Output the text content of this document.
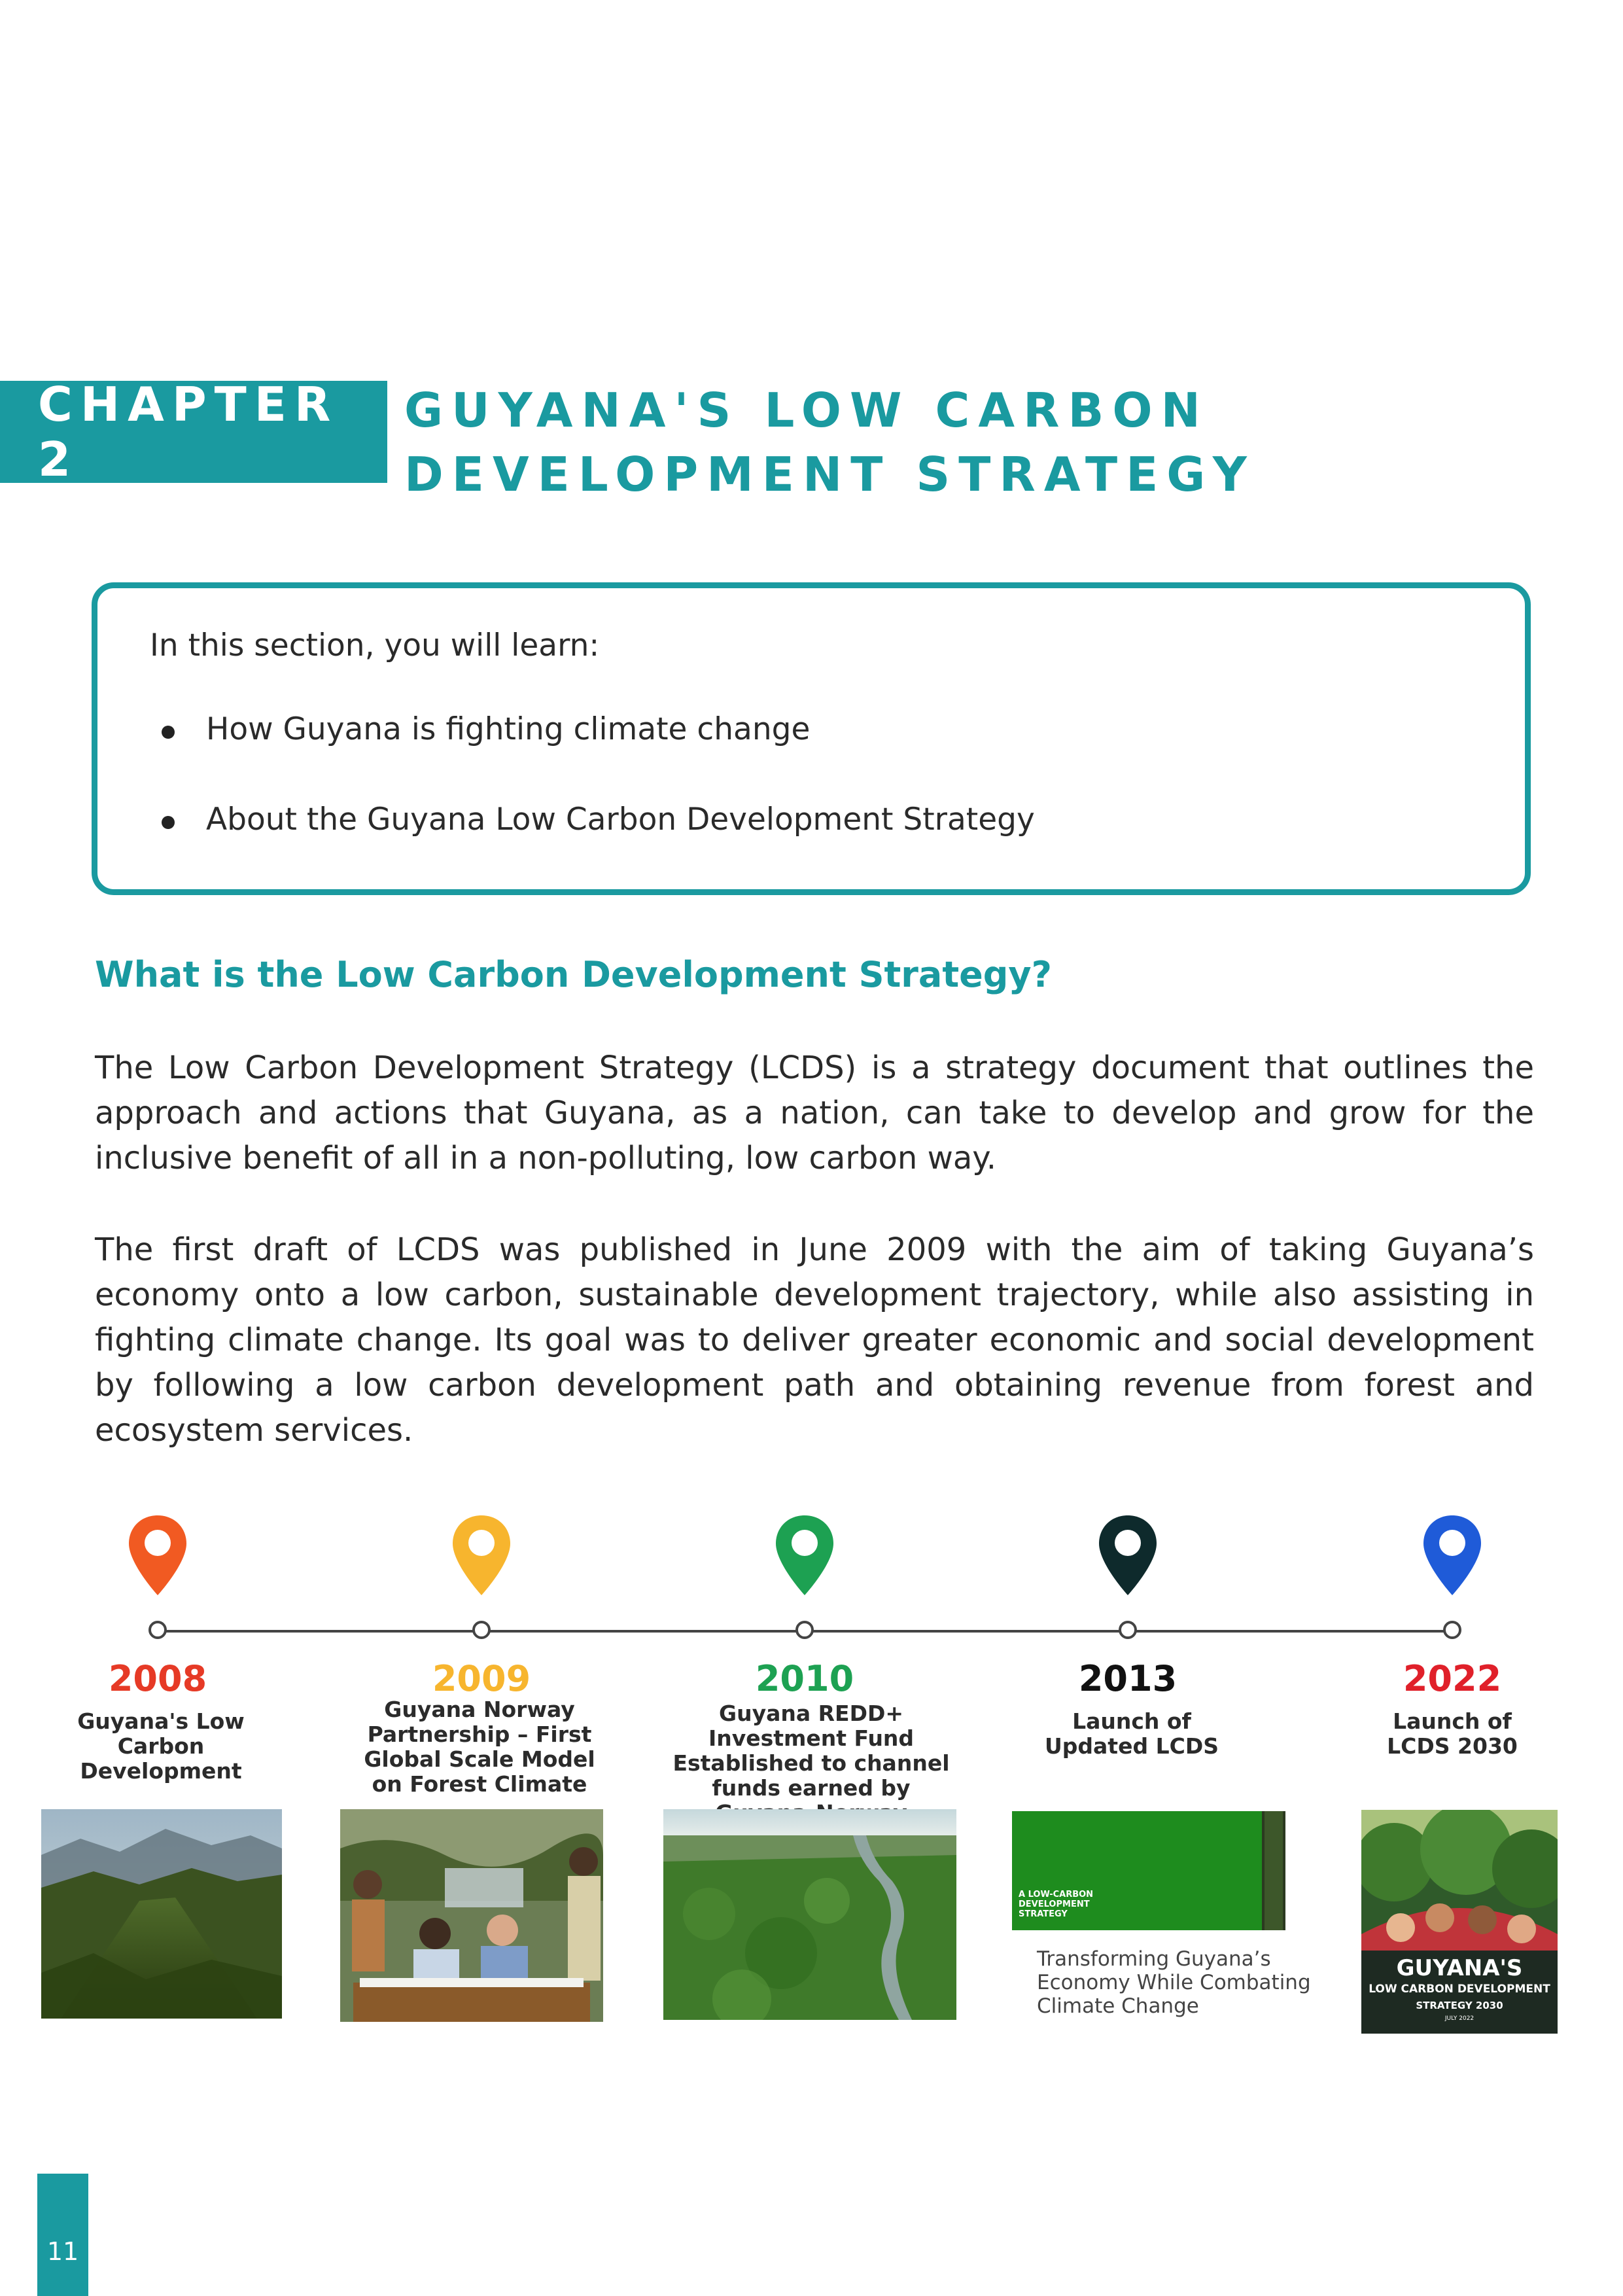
CHAPTER 2
GUYANA'S LOW CARBON DEVELOPMENT STRATEGY
In this section, you will learn:
How Guyana is fighting climate change
About the Guyana Low Carbon Development Strategy
What is the Low Carbon Development Strategy?

The Low Carbon Development Strategy (LCDS) is a strategy document that outlines the approach and actions that Guyana, as a nation, can take to develop and grow for the inclusive benefit of all in a non-polluting, low carbon way.

The first draft of LCDS was published in June 2009 with the aim of taking Guyana’s economy onto a low carbon, sustainable development trajectory, while also assisting in fighting climate change. Its goal was to deliver greater economic and social development by following a low carbon development path and obtaining revenue from forest and ecosystem services.

2008	2009	2010	2013	2022
Guyana's Low Carbon Development
Guyana Norway Partnership – First Global Scale Model on Forest Climate
Guyana REDD+ Investment Fund Established to channel funds earned by
Launch of Updated LCDS
Launch of LCDS 2030
A LOW-CARBON DEVELOPMENT STRATEGY
Transforming Guyana’s Economy While Combating Climate Change
GUYANA'S
LOW CARBON DEVELOPMENT
STRATEGY 2030
JULY 2022
11
